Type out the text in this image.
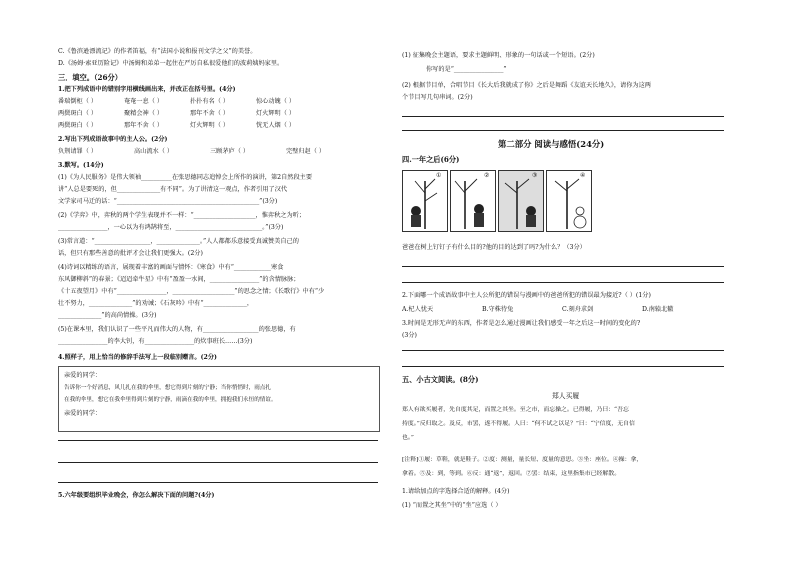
C.《鲁滨逊漂流记》的作者笛福，有“法国小说和报刊文学之父”的美誉。
D.《汤姆·索亚历险记》中汤姆和弟弟一起住在严厉自私很爱他们的波莉姨妈家里。
三．填空。（26分）
1.把下列成语中的错别字用横线画出来，并改正在括号里。(4分)
番瑞倒柜（ ）	奄奄一息（ ）	扑扑有名（ ）	惊心动魄（ ）
两鬓斑白（ ）	聚精会神（ ）	那年不舍（ ）	灯火辉明（ ）
两鬓斑白（ ）	那年不舍（ ）	灯火辉明（ ）	恍无人烟（ ）
2.写出下列成语故事中的主人公。(2分)
负荆请罪（ ）	高山流水（ ）	三顾茅庐（ ）	完璧归赵（ ）
3.默写。(14分)
(1)《为人民服务》是伟大领袖__________在张思德同志追悼会上所作的演讲，第2自然段主要
讲“人总是要死的，但______________有不同”。为了讲清这一观点，作者引用了汉代
文学家司马迁的话：“______________________________________________”(3分)
(2)《学弈》中，弈秋的两个学生表现并不一样：“____________________，惟弈秋之为听；
________________，一心以为有鸿鹄将至，____________________________。”(3分)
(3)常言道：“__________________，______________。”人人都都乐意接受真诚赞美自己的
话，但只有那些善意的批评才会让我们更强大。(2分)
(4)诗词以精练的语言，展现着丰富的画面与情怀：《寒食》中有“____________寒食
东风御柳斜”的春景；《迢迢牵牛星》中有“盈盈一水间，________________”的含情脉脉；
《十五夜望月》中有“________________，____________________”的思念之情；《长歌行》中有“少
壮不努力，______________”的劝诫；《石灰吟》中有“______________，
______________”的高尚情操。(3分)
(5)在课本里，我们认识了一些平凡而伟大的人物，有__________________的张思德，有
________________的李大钊，有________________的炊事班长……(3分)
4.照样子，用上恰当的修辞手法写上一段临别赠言。(2分)
亲爱的同学：
告诉你一个好消息，风儿扎在我的伞里，想它得到片刻的宁静；当你悄悄时，雨点扎
在我的伞里，想它在我伞里得到片刻的宁静，雨滴在我的伞里，拥抱我们永恒的情谊。
亲爱的同学：
5.六年级要组织毕业晚会，你怎么解决下面的问题?(4分)
(1) 征集晚会主题语，要求主题鲜明、形象的一句话或一个短语。(2分)
你写的是“________________”
(2) 根据节目单，合唱节目《长大后我就成了你》之后是舞蹈《友谊天长地久》，请你为这两
个节目写几句串词。(2分)
第二部分 阅读与感悟(24分)
四.一年之后(6分)
①	②	③	④
爸爸在树上钉钉子有什么目的?他的目的达到了吗?为什么？（3分）
2.下面哪一个成语故事中主人公所犯的错误与漫画中的爸爸所犯的错误最为接近?（ ）(1分)
A.杞人忧天	B.守株待兔	C.刻舟求剑	D.南辕北辙
3.时间是无形无声的东西，作者是怎么通过漫画让我们感受一年之后这一时间的变化的?
(3分)
五、小古文阅读。(8分)
郑人买履
郑人有欲买履者，先自度其足，而置之其坐。至之市，而忘操之。已得履，乃曰：“吾忘
持度。”反归取之。及反，市罢，遂不得履。人曰：“何不试之以足？”曰：“宁信度，无自信
也。”
[注释]①履：草鞋，就是鞋子。②度：测量，量长短、度量的意思。③坐：座位。④操：拿，
拿着。⑤及：到，等到。⑥反：通“返”，返回。⑦罢：结束，这里指集市已经解散。
1.请给加点的字选择合适的解释。(4分)
(1) “而置之其坐”中的“坐”应选（ ）
